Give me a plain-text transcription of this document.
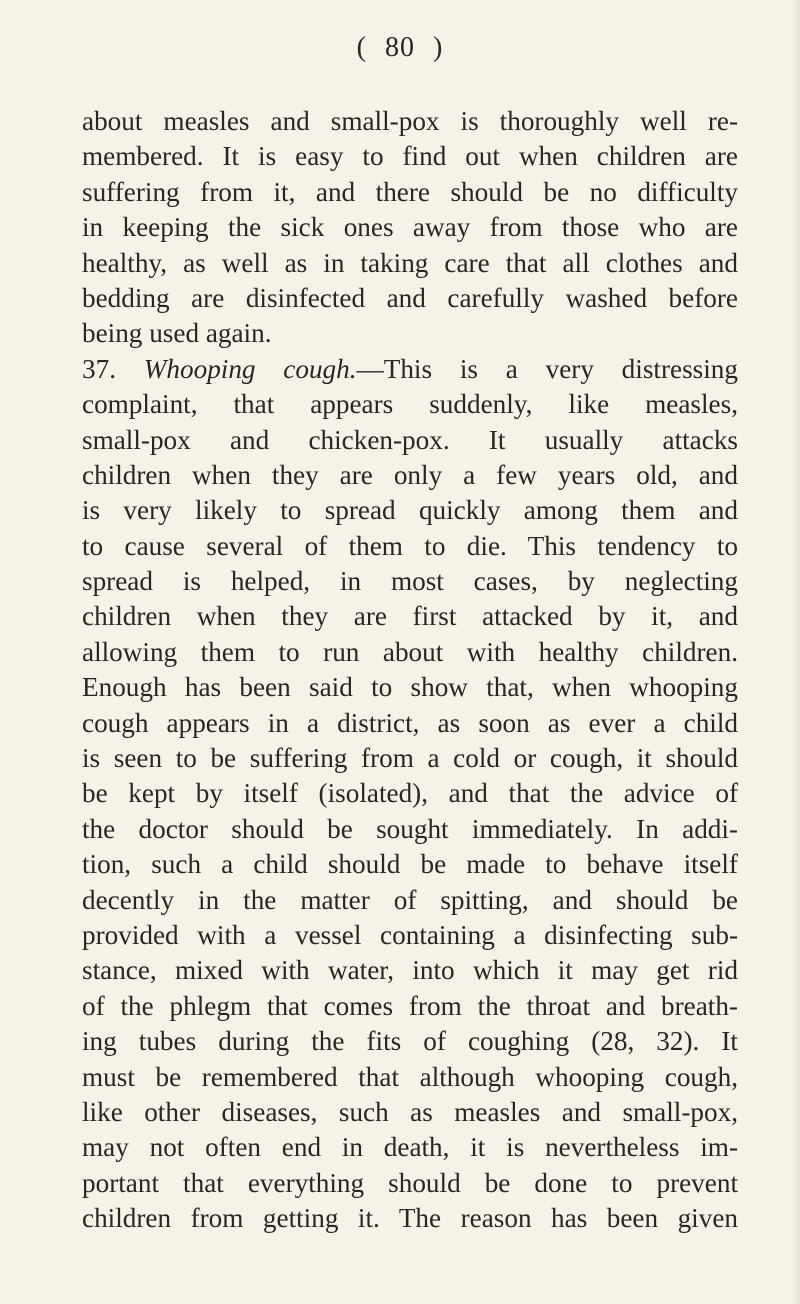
( 80 )
about measles and small-pox is thoroughly well re-
membered. It is easy to find out when children are
suffering from it, and there should be no difficulty
in keeping the sick ones away from those who are
healthy, as well as in taking care that all clothes and
bedding are disinfected and carefully washed before
being used again.
37. Whooping cough.—This is a very distressing
complaint, that appears suddenly, like measles,
small-pox and chicken-pox. It usually attacks
children when they are only a few years old, and
is very likely to spread quickly among them and
to cause several of them to die. This tendency to
spread is helped, in most cases, by neglecting
children when they are first attacked by it, and
allowing them to run about with healthy children.
Enough has been said to show that, when whooping
cough appears in a district, as soon as ever a child
is seen to be suffering from a cold or cough, it should
be kept by itself (isolated), and that the advice of
the doctor should be sought immediately. In addi-
tion, such a child should be made to behave itself
decently in the matter of spitting, and should be
provided with a vessel containing a disinfecting sub-
stance, mixed with water, into which it may get rid
of the phlegm that comes from the throat and breath-
ing tubes during the fits of coughing (28, 32). It
must be remembered that although whooping cough,
like other diseases, such as measles and small-pox,
may not often end in death, it is nevertheless im-
portant that everything should be done to prevent
children from getting it. The reason has been given
